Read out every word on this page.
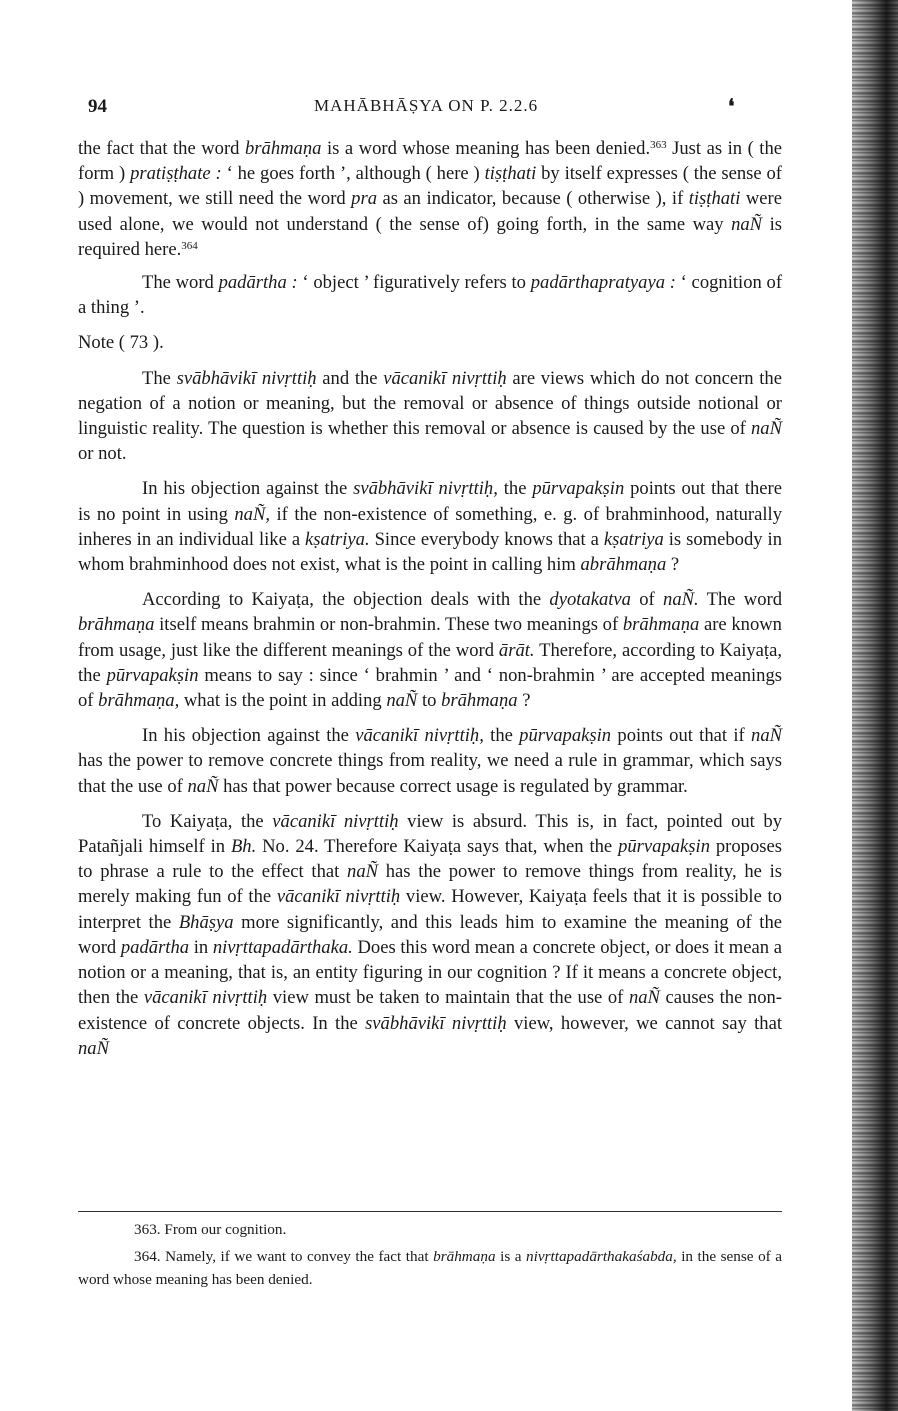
94	MAHĀBHĀṢYA ON P. 2.2.6	❛

the fact that the word brāhmaṇa is a word whose meaning has been denied.$^{363}$ Just as in ( the form ) pratiṣṭhate : ‘ he goes forth ’, although ( here ) tiṣṭhati by itself expresses ( the sense of ) movement, we still need the word pra as an indicator, because ( otherwise ), if tiṣṭhati were used alone, we would not understand ( the sense of) going forth, in the same way naÑ is required here.$^{364}$

The word padārtha : ‘ object ’ figuratively refers to padārthapratyaya : ‘ cognition of a thing ’.

Note ( 73 ).

The svābhāvikī nivṛttiḥ and the vācanikī nivṛttiḥ are views which do not concern the negation of a notion or meaning, but the removal or absence of things outside notional or linguistic reality. The question is whether this removal or absence is caused by the use of naÑ or not.

In his objection against the svābhāvikī nivṛttiḥ, the pūrvapakṣin points out that there is no point in using naÑ, if the non-existence of something, e. g. of brahminhood, naturally inheres in an individual like a kṣatriya. Since everybody knows that a kṣatriya is somebody in whom brahminhood does not exist, what is the point in calling him abrāhmaṇa ?

According to Kaiyaṭa, the objection deals with the dyotakatva of naÑ. The word brāhmaṇa itself means brahmin or non-brahmin. These two meanings of brāhmaṇa are known from usage, just like the different meanings of the word ārāt. Therefore, according to Kaiyaṭa, the pūrvapakṣin means to say : since ‘ brahmin ’ and ‘ non-brahmin ’ are accepted meanings of brāhmaṇa, what is the point in adding naÑ to brāhmaṇa ?

In his objection against the vācanikī nivṛttiḥ, the pūrvapakṣin points out that if naÑ has the power to remove concrete things from reality, we need a rule in grammar, which says that the use of naÑ has that power because correct usage is regulated by grammar.

To Kaiyaṭa, the vācanikī nivṛttiḥ view is absurd. This is, in fact, pointed out by Patañjali himself in Bh. No. 24. Therefore Kaiyaṭa says that, when the pūrvapakṣin proposes to phrase a rule to the effect that naÑ has the power to remove things from reality, he is merely making fun of the vācanikī nivṛttiḥ view. However, Kaiyaṭa feels that it is possible to interpret the Bhāṣya more significantly, and this leads him to examine the meaning of the word padārtha in nivṛttapadārthaka. Does this word mean a concrete object, or does it mean a notion or a meaning, that is, an entity figuring in our cognition ? If it means a concrete object, then the vācanikī nivṛttiḥ view must be taken to maintain that the use of naÑ causes the non-existence of concrete objects. In the svābhāvikī nivṛttiḥ view, however, we cannot say that naÑ

363. From our cognition.

364. Namely, if we want to convey the fact that brāhmaṇa is a nivṛttapadārthakaśabda, in the sense of a word whose meaning has been denied.
